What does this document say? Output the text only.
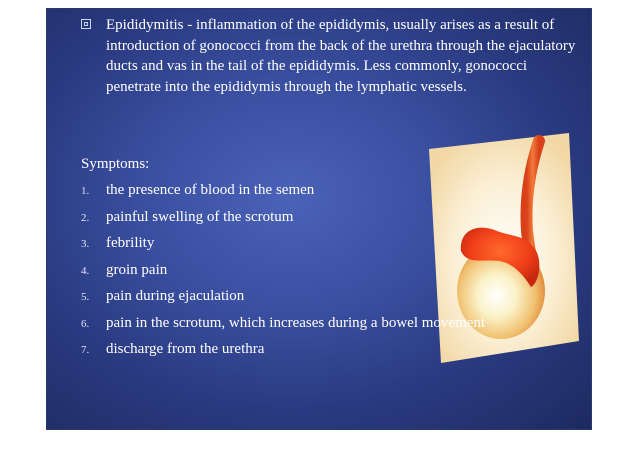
Epididymitis - inflammation of the epididymis, usually arises as a result of introduction of gonococci from the back of the urethra through the ejaculatory ducts and vas in the tail of the epididymis. Less commonly, gonococci penetrate into the epididymis through the lymphatic vessels.
Symptoms:
1. the presence of blood in the semen
2. painful swelling of the scrotum
3. febrility
4. groin pain
5. pain during ejaculation
6. pain in the scrotum, which increases during a bowel movement
7. discharge from the urethra
